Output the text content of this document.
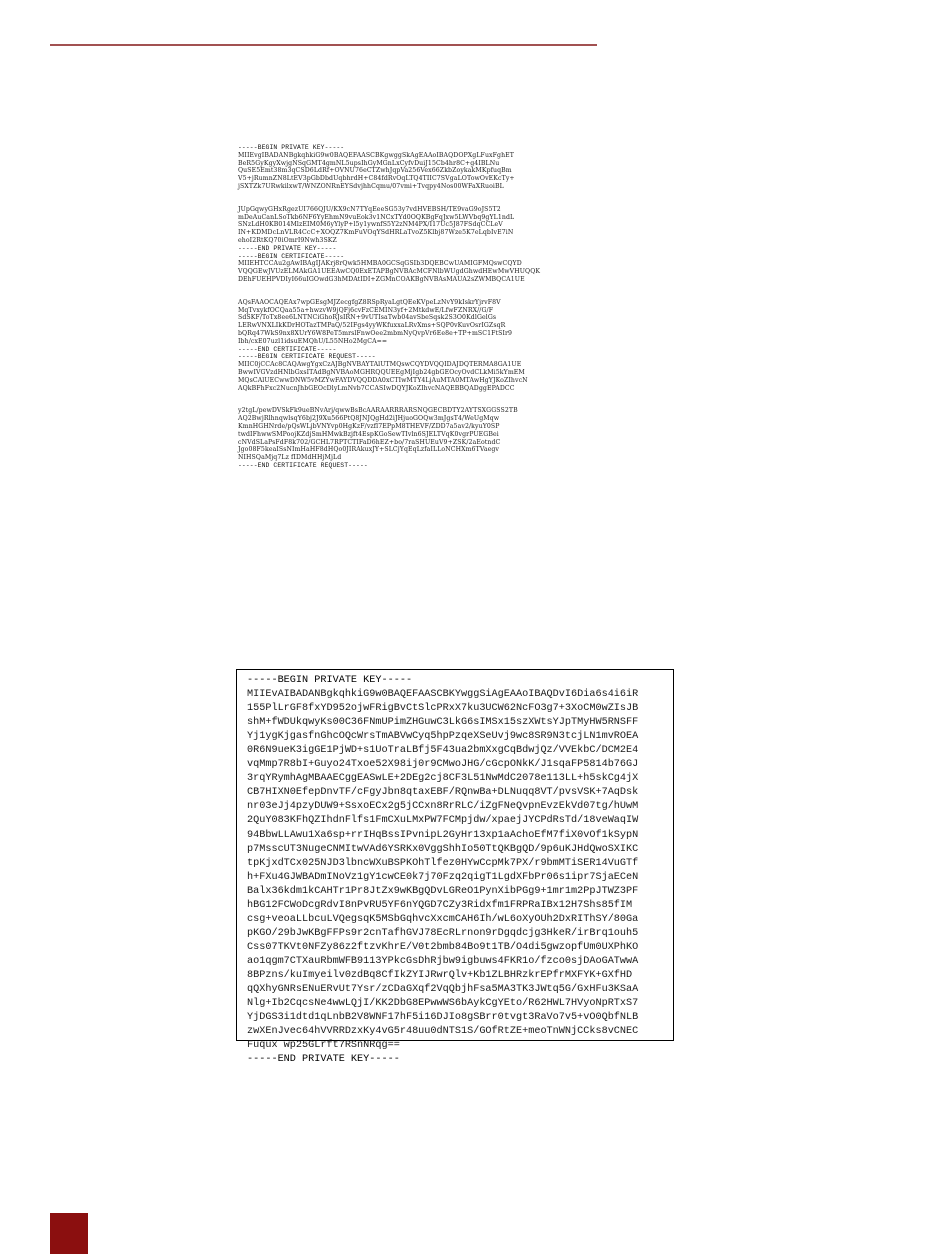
-----BEGIN PRIVATE KEY-----
MIIEvgIBADANBgkqhkiG9w0BAQEFAASCBKgwggSkAgEAAoIBAQDOPXgLFuxFghET
BeR5GyKgyXwjgNSqGMT4gmNL5upsIhGyMGnLxCyfvDuiJ15Cb4hr8C+g4IBLNu
QuSE5Emt38m3qCSD6LdRf+OVNU76eCTZwhJqpVa256Vex66ZkbZoykakMKpfuqBm
V5+jRumnZN8LtEV3pGbDbdUqbhrdH+C84fdRvOqLTQ4TIIC7SVgaLOTowOvEKcTy+
jSXTZk7URwkilxwT/WNZONRnEYSdvjhhCqmu/07vmi+Tvqpy4Nos00WFaXRuoiBL
JUpGqwyGHxRgezUI766QJU/KX9cN7TYqEeeSG53y7vdHVEBSH/TE9vaG9oJS5T2
mDeAuCanLSoTkb6NF6YyEhmN9vuEok3v1NCxTYd0OQKBgFqJxw5LWVbq9gYL1ndL
SNzLdH0KB014MlzEIM0M6yYlyP+l5y1ywnfS5Y2zNM4PX/I17Uc5J87FSdqCCLeV
IN+KDMDcLnVLR4CcC+XOQZ7KmFuVOqYSdHRLaTvoZ5Klbj87Wze5K7eLqbIvE7iN
ehoI2RtKQ70iOmrI9Nwh3SKZ
-----END PRIVATE KEY-----
-----BEGIN CERTIFICATE-----
MIIEHTCCAu2gAwIBAgIJAKrj8rQwk5HMBA0GCSqGSIb3DQEBCwUAMIGFMQswCQYD
VQQGEwJVUzELMAkGA1UEEAwCQ0ExETAPBgNVBAcMCFNlbWUgdGhwdHEwMwVHUQQK
DEhFUEHPVDIyI66uIGOwdG3hMDAtIDI+ZGMnCOAKBgNVBAsMAUA2sZWMBQCA1UE
AQsFAAOCAQEAx7wpGEsgMJZecgfgZ8RSpRyaLgtQEeKVpeLzNvY9kIskrYjrvF8V
MqTvxykfOCQaa55a+hwzvW9jQFj6cvFzCEMIN3yf+2MtkdwE/LfwFZNRX//G/F
SdSKF/ToTx8ee6LNTNCiGhoRJsIRN+9vUTIsaTwb04avSbeSqsk2S3O0KdlGelGs
LERwVNXLIkKDrHOTazTMPaQ/52IFgs4yyWKfuxxaLRvXms+SQP0vKuvOsrIGZsqR
bQRq47WkS9nx8XUrY6W8PeT5mrslFnwOee2mbmNyQvpVr6Ee8e+TP+mSC1FtSIr9
Ibh/cxE07uzl1idsuEMQhU/L55NHo2MgCA==
-----END CERTIFICATE-----
-----BEGIN CERTIFICATE REQUEST-----
MIIC0jCCAc8CAQAwgYgxCzAJBgNVBAYTAlUTMQswCQYDVQQIDAJDQTERMA8GA1UE
BwwIVGVzdHNlbGxsITAdBgNVBAoMGHRQQUEEgMjIgb24gbGEOcyOvdCLkMi5kYmEM
MQsCAlUECwwDNW5vMZYwFAYDVQQDDA0xCTIwMTY4LjAuMTA0MTAwHgYJKoZIhvcN
AQkBFhFxc2NucnJhbGEOcDlyLmNvb7CCASIwDQYJKoZIhvcNAQEBBQADggEPADCC
y2tgL/pewDVSkFk9ueBNvArj/qwwBsBcAARAARRRARSNQGECBDTY2AYTSXGGSS2TB
AQ2BwjRlhnqwlsqY6bj2J9Xu566PtQ8JNJQgHd2iJHjuoGOQw3mJgsT4/WeUgMqw
KmnHGHNrde/pQsWLjbVNYvp0HgKzF/vzfl7EPpM8THEVF/ZDD7a5av2/kyuY0SP
twdIFhwwSMPoojKZdjSmHMwkBzjft4EspKGoSewTIvln6SJELTVqK0vgrPUEGBei
cNVdSLaPsFdF8k702/GCHL7RPTCTIFaD6hEZ+bo/7raSHUEuV9+ZSK/2aEotndC
Jgo08F5keaISsNImHaHF8dHQo0JIRAkuxJY+SLCjYqEqLzfaILLoNCHXm6TVaegv
NIHSQaMjq7Lz fIDMdHHjMjLd
-----END CERTIFICATE REQUEST-----
-----BEGIN PRIVATE KEY-----
MIIEvAIBADANBgkqhkiG9w0BAQEFAASCBKYwggSiAgEAAoIBAQDvI6Dia6s4i6iR
155PlLrGF8fxYD952ojwFRigBvCtSlcPRxX7ku3UCW62NcFO3g7+3XoCM0wZIsJB
shM+fWDUkqwyKs00C36FNmUPimZHGuwC3LkG6sIMSx15szXWtsYJpTMyHW5RNSFF
Yj1ygKjgasfnGhcOQcWrsTmABVwCyq5hpPzqeXSeUvj9wc8SR9N3tcjLN1mvROEA
0R6N9ueK3igGE1PjWD+s1UoTraLBfj5F43ua2bmXxgCqBdwjQz/VVEkbC/DCM2E4
vqMmp7R8bI+Guyo24Txoe52X98ij0r9CMwoJHG/cGcpONkK/J1sqaFP5814b76GJ
3rqYRymhAgMBAAECggEASwLE+2DEg2cj8CF3L51NwMdC2078e113LL+h5skCg4jX
CB7HIXN0EfepDnvTF/cFgyJbn8qtaxEBF/RQnwBa+DLNuqq8VT/pvsVSK+7AqDsk
nr03eJj4pzyDUW9+SsxoECx2g5jCCxn8RrRLC/iZgFNeQvpnEvzEkVd07tg/hUwM
2QuY083KFhQZIhdnFlfs1FmCXuLMxPW7FCMpjdw/xpaejJYCPdRsTd/18veWaqIW
94BbwLLAwu1Xa6sp+rrIHqBssIPvnipL2GyHr13xp1aAchoEfM7fiX0vOf1kSypN
p7MsscUT3NugeCNMItwVAd6YSRKx0VggShhIo50TtQKBgQD/9p6uKJHdQwoSXIKC
tpKjxdTCx025NJD3lbncWXuBSPKOhTlfez0HYwCcpMk7PX/r9bmMTiSER14VuGTf
h+FXu4GJWBADmINoVz1gY1cwCE0k7j70Fzq2qigT1LgdXFbPr06s1ipr7SjaECeN
Balx36kdm1kCAHTr1Pr8JtZx9wKBgQDvLGReO1PynXibPGg9+1mr1m2PpJTWZ3PF
hBG12FCWoDcgRdvI8nPvRU5YF6nYQGD7CZy3Ridxfm1FRPRaIBx12H7Shs85fIM
csg+veoaLLbcuLVQegsqK5MSbGqhvcXxcmCAH6Ih/wL6oXyOUh2DxRIThSY/80Ga
pKGO/29bJwKBgFFPs9r2cnTafhGVJ78EcRLrnon9rDgqdcjg3HkeR/irBrq1ouh5
Css07TKVt0NFZy86z2ftzvKhrE/V0t2bmb84Bo9t1TB/O4di5gwzopfUm0UXPhKO
ao1qgm7CTXauRbmWFB9113YPkcGsDhRjbw9igbuws4FKR1o/fzco0sjDAoGATwwA
8BPzns/kuImyeilv0zdBq8CfIkZYIJRwrQlv+Kb1ZLBHRzkrEPfrMXFYK+GXfHD
qQXhyGNRsENuERvUt7Ysr/zCDaGXqf2VqQbjhFsa5MA3TK3JWtq5G/GxHFu3KSaA
Nlg+Ib2CqcsNe4wwLQjI/KK2DbG8EPwwWS6bAykCgYEto/R62HWL7HVyoNpRTxS7
YjDGS3i1dtd1qLnbB2V8WNF17hF5i16DJIo8gSBrr0tvgt3RaVo7v5+vO0QbfNLB
zwXEnJvec64hVVRRDzxKy4vG5r48uu0dNTS1S/GOfRtZE+meoTnWNjCCks8vCNEC
Fuqux wp25GLrft7RSnNRqg==
-----END PRIVATE KEY-----
